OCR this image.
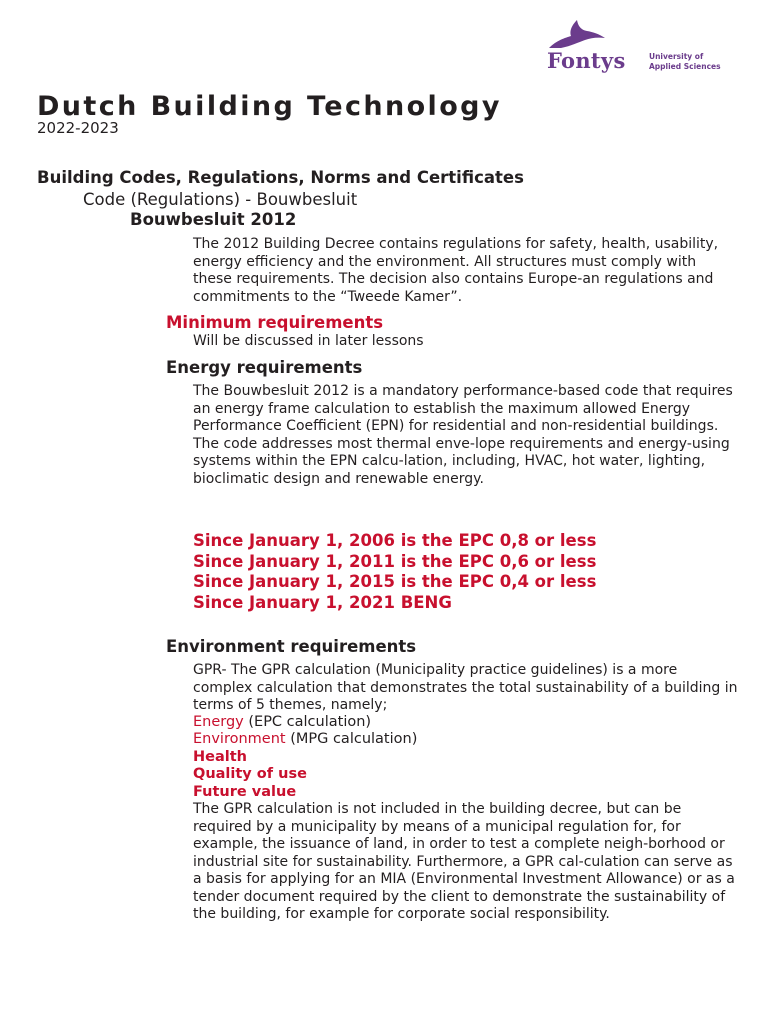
Fontys	University of
Applied Sciences
Dutch Building Technology
2022-2023
Building Codes, Regulations, Norms and Certificates
Code (Regulations) - Bouwbesluit
Bouwbesluit 2012
The 2012 Building Decree contains regulations for safety, health, usability, energy efficiency and the environment. All structures must comply with these requirements. The decision also contains Europe-an regulations and commitments to the “Tweede Kamer”.
Minimum requirements
Will be discussed in later lessons
Energy requirements
The Bouwbesluit 2012 is a mandatory performance-based code that requires an energy frame calculation to establish the maximum allowed Energy Performance Coefficient (EPN) for residential and non-residential buildings. The code addresses most thermal enve-lope requirements and energy-using systems within the EPN calcu-lation, including, HVAC, hot water, lighting, bioclimatic design and renewable energy.
Since January 1, 2006 is the EPC 0,8 or less
Since January 1, 2011 is the EPC 0,6 or less
Since January 1, 2015 is the EPC 0,4 or less
Since January 1, 2021 BENG
Environment requirements
GPR- The GPR calculation (Municipality practice guidelines) is a more complex calculation that demonstrates the total sustainability of a building in terms of 5 themes, namely;
Energy (EPC calculation)
Environment (MPG calculation)
Health
Quality of use
Future value
The GPR calculation is not included in the building decree, but can be required by a municipality by means of a municipal regulation for, for example, the issuance of land, in order to test a complete neigh-borhood or industrial site for sustainability. Furthermore, a GPR cal-culation can serve as a basis for applying for an MIA (Environmental Investment Allowance) or as a tender document required by the client to demonstrate the sustainability of the building, for example for corporate social responsibility.
